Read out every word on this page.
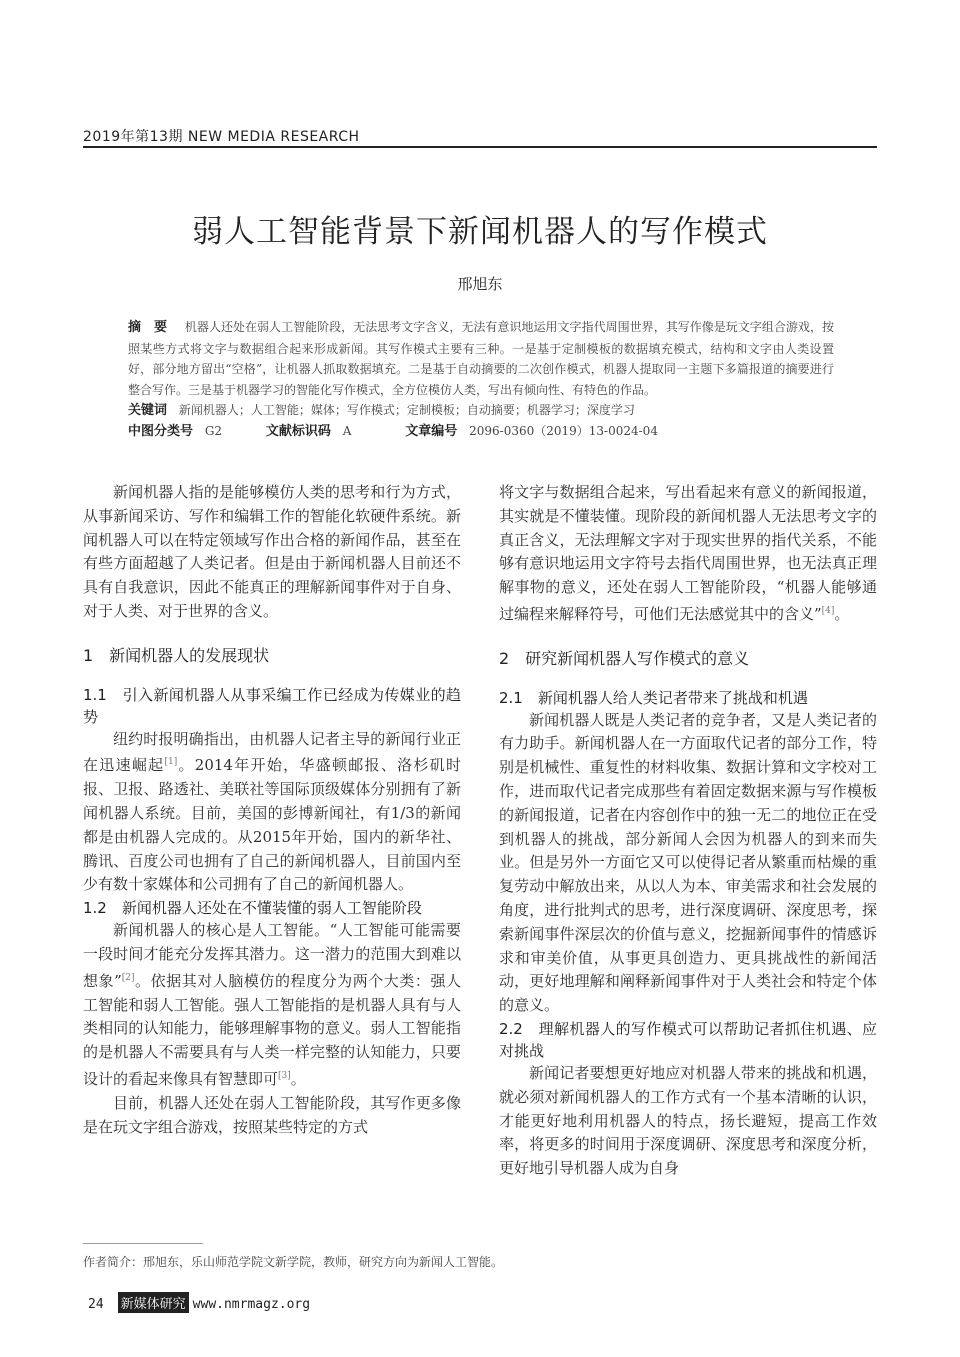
2019年第13期 NEW MEDIA RESEARCH
弱人工智能背景下新闻机器人的写作模式
邢旭东
摘　要 机器人还处在弱人工智能阶段，无法思考文字含义，无法有意识地运用文字指代周围世界，其写作像是玩文字组合游戏，按照某些方式将文字与数据组合起来形成新闻。其写作模式主要有三种。一是基于定制模板的数据填充模式，结构和文字由人类设置好，部分地方留出“空格”，让机器人抓取数据填充。二是基于自动摘要的二次创作模式，机器人提取同一主题下多篇报道的摘要进行整合写作。三是基于机器学习的智能化写作模式，全方位模仿人类，写出有倾向性、有特色的作品。
关键词 新闻机器人；人工智能；媒体；写作模式；定制模板；自动摘要；机器学习；深度学习
中图分类号 G2	文献标识码 A	文章编号 2096-0360（2019）13-0024-04

新闻机器人指的是能够模仿人类的思考和行为方式，从事新闻采访、写作和编辑工作的智能化软硬件系统。新闻机器人可以在特定领域写作出合格的新闻作品，甚至在有些方面超越了人类记者。但是由于新闻机器人目前还不具有自我意识，因此不能真正的理解新闻事件对于自身、对于人类、对于世界的含义。

1　新闻机器人的发展现状
1.1　引入新闻机器人从事采编工作已经成为传媒业的趋势

纽约时报明确指出，由机器人记者主导的新闻行业正在迅速崛起[1]。2014年开始，华盛顿邮报、洛杉矶时报、卫报、路透社、美联社等国际顶级媒体分别拥有了新闻机器人系统。目前，美国的彭博新闻社，有1/3的新闻都是由机器人完成的。从2015年开始，国内的新华社、腾讯、百度公司也拥有了自己的新闻机器人，目前国内至少有数十家媒体和公司拥有了自己的新闻机器人。

1.2　新闻机器人还处在不懂装懂的弱人工智能阶段

新闻机器人的核心是人工智能。“人工智能可能需要一段时间才能充分发挥其潜力。这一潜力的范围大到难以想象”[2]。依据其对人脑模仿的程度分为两个大类：强人工智能和弱人工智能。强人工智能指的是机器人具有与人类相同的认知能力，能够理解事物的意义。弱人工智能指的是机器人不需要具有与人类一样完整的认知能力，只要设计的看起来像具有智慧即可[3]。

目前，机器人还处在弱人工智能阶段，其写作更多像是在玩文字组合游戏，按照某些特定的方式

将文字与数据组合起来，写出看起来有意义的新闻报道，其实就是不懂装懂。现阶段的新闻机器人无法思考文字的真正含义，无法理解文字对于现实世界的指代关系，不能够有意识地运用文字符号去指代周围世界，也无法真正理解事物的意义，还处在弱人工智能阶段，“机器人能够通过编程来解释符号，可他们无法感觉其中的含义”[4]。

2　研究新闻机器人写作模式的意义
2.1　新闻机器人给人类记者带来了挑战和机遇

新闻机器人既是人类记者的竞争者，又是人类记者的有力助手。新闻机器人在一方面取代记者的部分工作，特别是机械性、重复性的材料收集、数据计算和文字校对工作，进而取代记者完成那些有着固定数据来源与写作模板的新闻报道，记者在内容创作中的独一无二的地位正在受到机器人的挑战，部分新闻人会因为机器人的到来而失业。但是另外一方面它又可以使得记者从繁重而枯燥的重复劳动中解放出来，从以人为本、审美需求和社会发展的角度，进行批判式的思考，进行深度调研、深度思考，探索新闻事件深层次的价值与意义，挖掘新闻事件的情感诉求和审美价值，从事更具创造力、更具挑战性的新闻活动，更好地理解和阐释新闻事件对于人类社会和特定个体的意义。

2.2　理解机器人的写作模式可以帮助记者抓住机遇、应对挑战

新闻记者要想更好地应对机器人带来的挑战和机遇，就必须对新闻机器人的工作方式有一个基本清晰的认识，才能更好地利用机器人的特点，扬长避短，提高工作效率，将更多的时间用于深度调研、深度思考和深度分析，更好地引导机器人成为自身

作者简介：邢旭东，乐山师范学院文新学院，教师，研究方向为新闻人工智能。
24 新媒体研究 www.nmrmagz.org
